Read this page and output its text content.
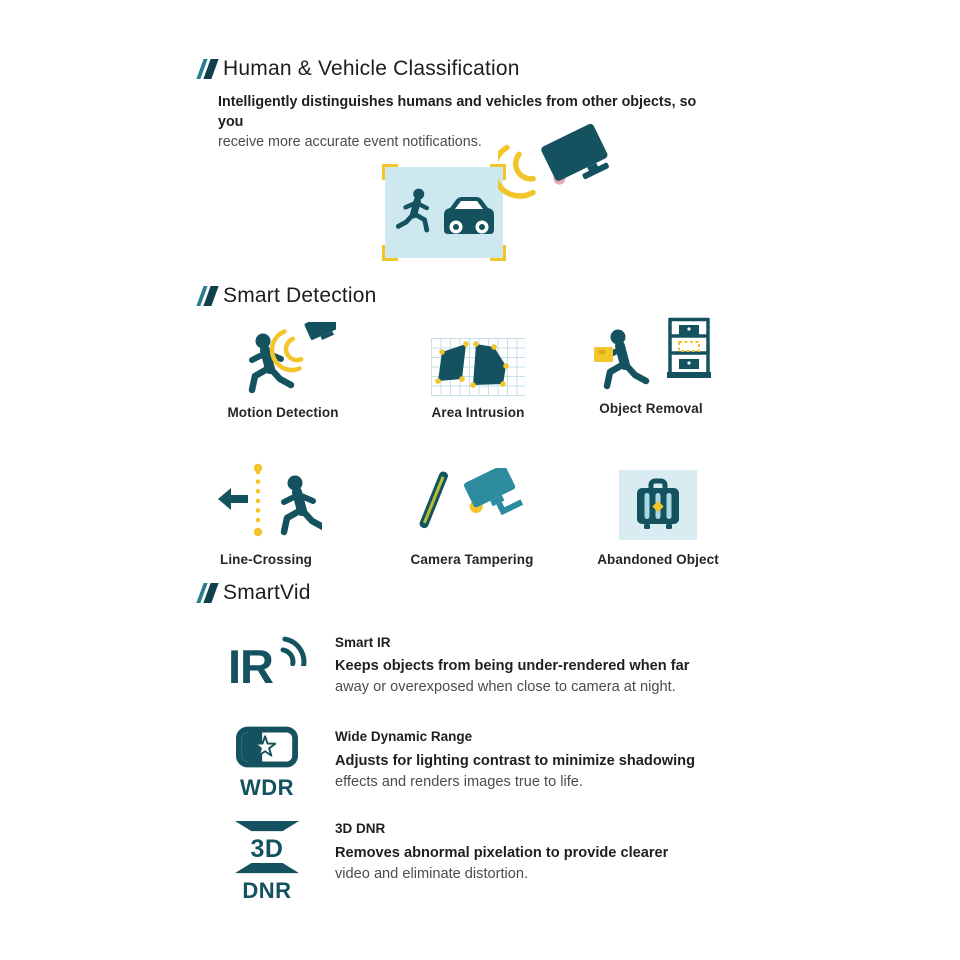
Human & Vehicle Classification
Intelligently distinguishes humans and vehicles from other objects, so you
receive more accurate event notifications.
Smart Detection
Motion Detection	Area Intrusion	Object Removal
Line-Crossing	Camera Tampering	Abandoned Object
SmartVid
IR	Smart IR
Keeps objects from being under-rendered when far
away or overexposed when close to camera at night.
WDR
Wide Dynamic Range
Adjusts for lighting contrast to minimize shadowing
effects and renders images true to life.
3D
DNR
3D DNR
Removes abnormal pixelation to provide clearer
video and eliminate distortion.
